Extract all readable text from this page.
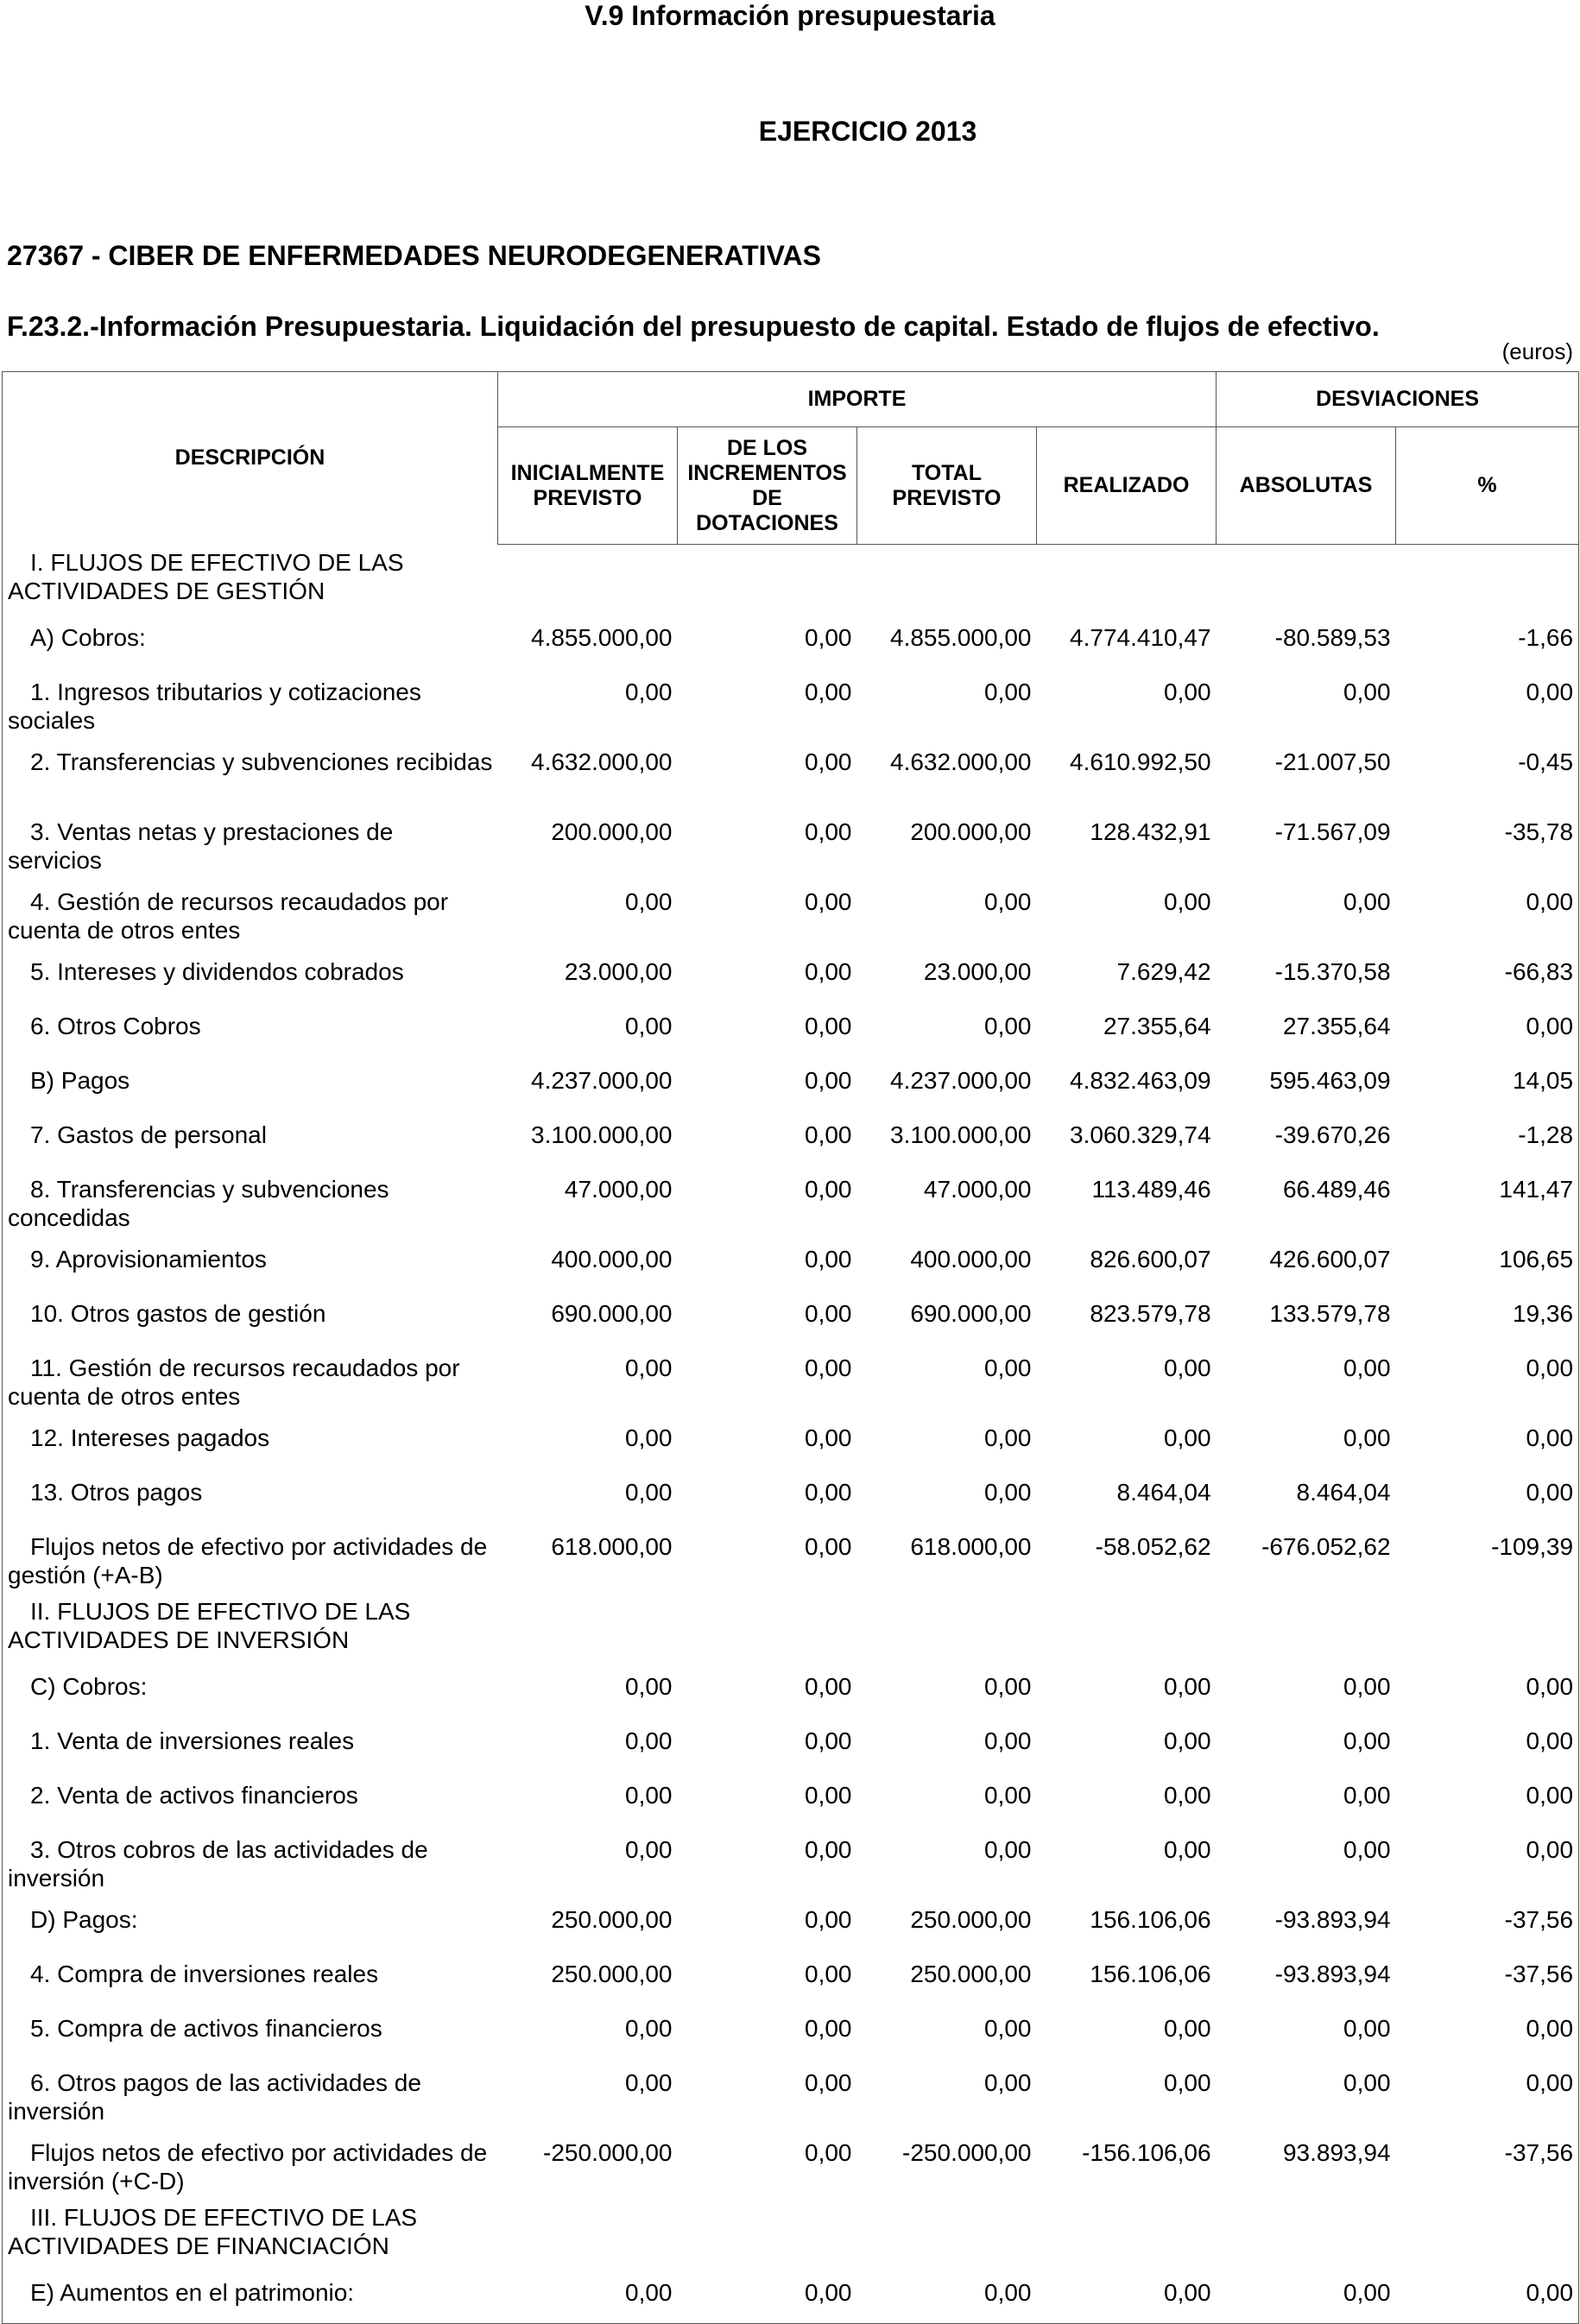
V.9 Información presupuestaria
EJERCICIO 2013
27367 - CIBER DE ENFERMEDADES NEURODEGENERATIVAS
F.23.2.-Información Presupuestaria. Liquidación del presupuesto de capital. Estado de flujos de efectivo.
(euros)
DESCRIPCIÓN	IMPORTE				DESVIACIONES	
	INICIALMENTE PREVISTO	DE LOS INCREMENTOS DE DOTACIONES	TOTAL PREVISTO	REALIZADO	ABSOLUTAS	%
I. FLUJOS DE EFECTIVO DE LAS ACTIVIDADES DE GESTIÓN						
A) Cobros:	4.855.000,00	0,00	4.855.000,00	4.774.410,47	-80.589,53	-1,66
1. Ingresos tributarios y cotizaciones sociales	0,00	0,00	0,00	0,00	0,00	0,00
2. Transferencias y subvenciones recibidas	4.632.000,00	0,00	4.632.000,00	4.610.992,50	-21.007,50	-0,45
3. Ventas netas y prestaciones de servicios	200.000,00	0,00	200.000,00	128.432,91	-71.567,09	-35,78
4. Gestión de recursos recaudados por cuenta de otros entes	0,00	0,00	0,00	0,00	0,00	0,00
5. Intereses y dividendos cobrados	23.000,00	0,00	23.000,00	7.629,42	-15.370,58	-66,83
6. Otros Cobros	0,00	0,00	0,00	27.355,64	27.355,64	0,00
B) Pagos	4.237.000,00	0,00	4.237.000,00	4.832.463,09	595.463,09	14,05
7. Gastos de personal	3.100.000,00	0,00	3.100.000,00	3.060.329,74	-39.670,26	-1,28
8. Transferencias y subvenciones concedidas	47.000,00	0,00	47.000,00	113.489,46	66.489,46	141,47
9. Aprovisionamientos	400.000,00	0,00	400.000,00	826.600,07	426.600,07	106,65
10. Otros gastos de gestión	690.000,00	0,00	690.000,00	823.579,78	133.579,78	19,36
11. Gestión de recursos recaudados por cuenta de otros entes	0,00	0,00	0,00	0,00	0,00	0,00
12. Intereses pagados	0,00	0,00	0,00	0,00	0,00	0,00
13. Otros pagos	0,00	0,00	0,00	8.464,04	8.464,04	0,00
Flujos netos de efectivo por actividades de gestión (+A-B)	618.000,00	0,00	618.000,00	-58.052,62	-676.052,62	-109,39
II. FLUJOS DE EFECTIVO DE LAS ACTIVIDADES DE INVERSIÓN						
C) Cobros:	0,00	0,00	0,00	0,00	0,00	0,00
1. Venta de inversiones reales	0,00	0,00	0,00	0,00	0,00	0,00
2. Venta de activos financieros	0,00	0,00	0,00	0,00	0,00	0,00
3. Otros cobros de las actividades de inversión	0,00	0,00	0,00	0,00	0,00	0,00
D) Pagos:	250.000,00	0,00	250.000,00	156.106,06	-93.893,94	-37,56
4. Compra de inversiones reales	250.000,00	0,00	250.000,00	156.106,06	-93.893,94	-37,56
5. Compra de activos financieros	0,00	0,00	0,00	0,00	0,00	0,00
6. Otros pagos de las actividades de inversión	0,00	0,00	0,00	0,00	0,00	0,00
Flujos netos de efectivo por actividades de inversión (+C-D)	-250.000,00	0,00	-250.000,00	-156.106,06	93.893,94	-37,56
III. FLUJOS DE EFECTIVO DE LAS ACTIVIDADES DE FINANCIACIÓN						
E) Aumentos en el patrimonio:	0,00	0,00	0,00	0,00	0,00	0,00
